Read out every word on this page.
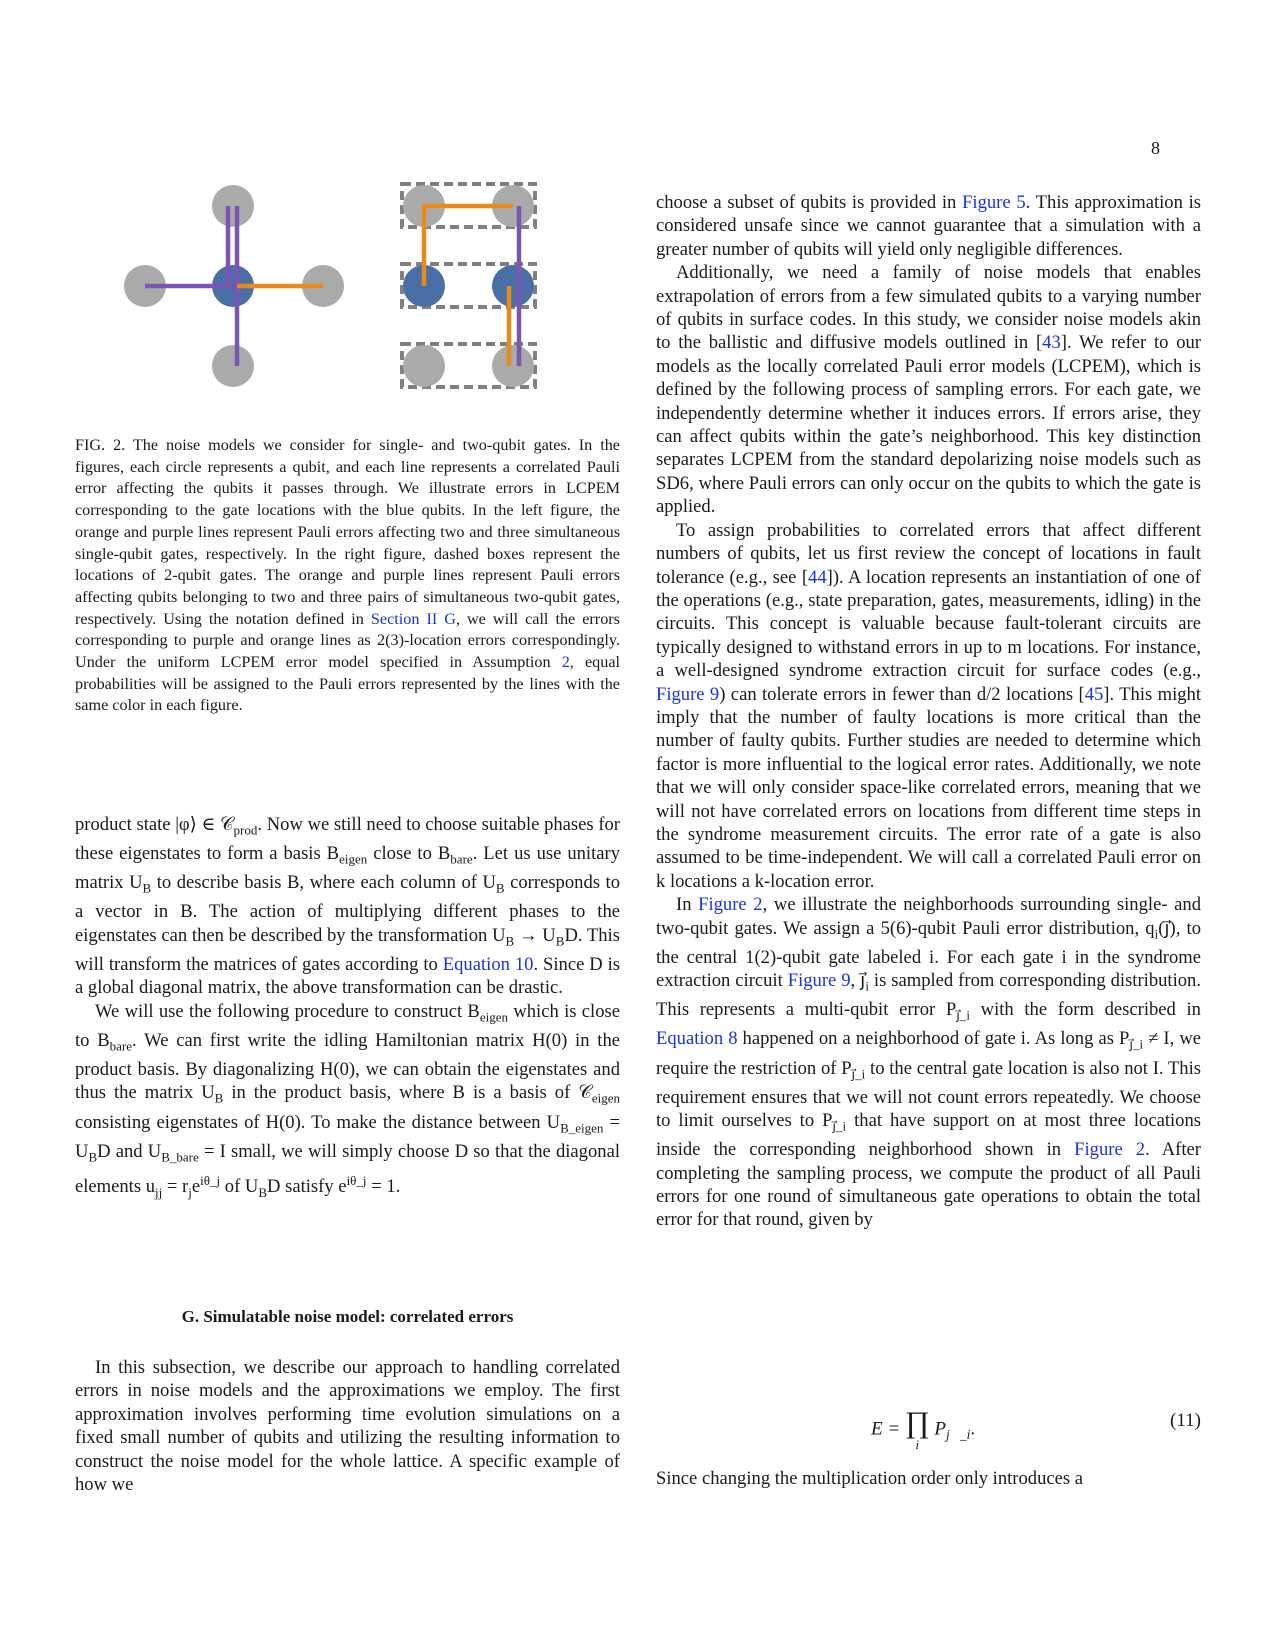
8

FIG. 2. The noise models we consider for single- and two-qubit gates. In the figures, each circle represents a qubit, and each line represents a correlated Pauli error affecting the qubits it passes through. We illustrate errors in LCPEM corresponding to the gate locations with the blue qubits. In the left figure, the orange and purple lines represent Pauli errors affecting two and three simultaneous single-qubit gates, respectively. In the right figure, dashed boxes represent the locations of 2-qubit gates. The orange and purple lines represent Pauli errors affecting qubits belonging to two and three pairs of simultaneous two-qubit gates, respectively. Using the notation defined in Section II G, we will call the errors corresponding to purple and orange lines as 2(3)-location errors correspondingly. Under the uniform LCPEM error model specified in Assumption 2, equal probabilities will be assigned to the Pauli errors represented by the lines with the same color in each figure.

product state |φ⟩ ∈ 𝒞$_{prod}$. Now we still need to choose suitable phases for these eigenstates to form a basis $B_{eigen}$ close to $B_{bare}$. Let us use unitary matrix $U_B$ to describe basis B, where each column of $U_B$ corresponds to a vector in B. The action of multiplying different phases to the eigenstates can then be described by the transformation $U_B \to U_BD$. This will transform the matrices of gates according to Equation 10. Since D is a global diagonal matrix, the above transformation can be drastic.

We will use the following procedure to construct $B_{eigen}$ which is close to $B_{bare}$. We can first write the idling Hamiltonian matrix H(0) in the product basis. By diagonalizing H(0), we can obtain the eigenstates and thus the matrix $U_B$ in the product basis, where B is a basis of 𝒞$_{eigen}$ consisting eigenstates of H(0). To make the distance between $U_{B\_eigen} = U_BD$ and $U_{B\_bare} = I$ small, we will simply choose D so that the diagonal elements $u_{jj} = r_je^{i\theta\_j}$ of $U_BD$ satisfy $e^{i\theta\_j} = 1$.

G. Simulatable noise model: correlated errors

In this subsection, we describe our approach to handling correlated errors in noise models and the approximations we employ. The first approximation involves performing time evolution simulations on a fixed small number of qubits and utilizing the resulting information to construct the noise model for the whole lattice. A specific example of how we

choose a subset of qubits is provided in Figure 5. This approximation is considered unsafe since we cannot guarantee that a simulation with a greater number of qubits will yield only negligible differences.

Additionally, we need a family of noise models that enables extrapolation of errors from a few simulated qubits to a varying number of qubits in surface codes. In this study, we consider noise models akin to the ballistic and diffusive models outlined in [43]. We refer to our models as the locally correlated Pauli error models (LCPEM), which is defined by the following process of sampling errors. For each gate, we independently determine whether it induces errors. If errors arise, they can affect qubits within the gate’s neighborhood. This key distinction separates LCPEM from the standard depolarizing noise models such as SD6, where Pauli errors can only occur on the qubits to which the gate is applied.

To assign probabilities to correlated errors that affect different numbers of qubits, let us first review the concept of locations in fault tolerance (e.g., see [44]). A location represents an instantiation of one of the operations (e.g., state preparation, gates, measurements, idling) in the circuits. This concept is valuable because fault-tolerant circuits are typically designed to withstand errors in up to m locations. For instance, a well-designed syndrome extraction circuit for surface codes (e.g., Figure 9) can tolerate errors in fewer than d/2 locations [45]. This might imply that the number of faulty locations is more critical than the number of faulty qubits. Further studies are needed to determine which factor is more influential to the logical error rates. Additionally, we note that we will only consider space-like correlated errors, meaning that we will not have correlated errors on locations from different time steps in the syndrome measurement circuits. The error rate of a gate is also assumed to be time-independent. We will call a correlated Pauli error on k locations a k-location error.

In Figure 2, we illustrate the neighborhoods surrounding single- and two-qubit gates. We assign a 5(6)-qubit Pauli error distribution, $q_i(j⃗)$, to the central 1(2)-qubit gate labeled i. For each gate i in the syndrome extraction circuit Figure 9, $j⃗_i$ is sampled from corresponding distribution. This represents a multi-qubit error $P_{j⃗\_i}$ with the form described in Equation 8 happened on a neighborhood of gate i. As long as $P_{j⃗\_i} \ne I$, we require the restriction of $P_{j⃗\_i}$ to the central gate location is also not I. This requirement ensures that we will not count errors repeatedly. We choose to limit ourselves to $P_{j⃗\_i}$ that have support on at most three locations inside the corresponding neighborhood shown in Figure 2. After completing the sampling process, we compute the product of all Pauli errors for one round of simultaneous gate operations to obtain the total error for that round, given by

E = ∏
i
$P_{j⃗\_i}$.	(11)

Since changing the multiplication order only introduces a
